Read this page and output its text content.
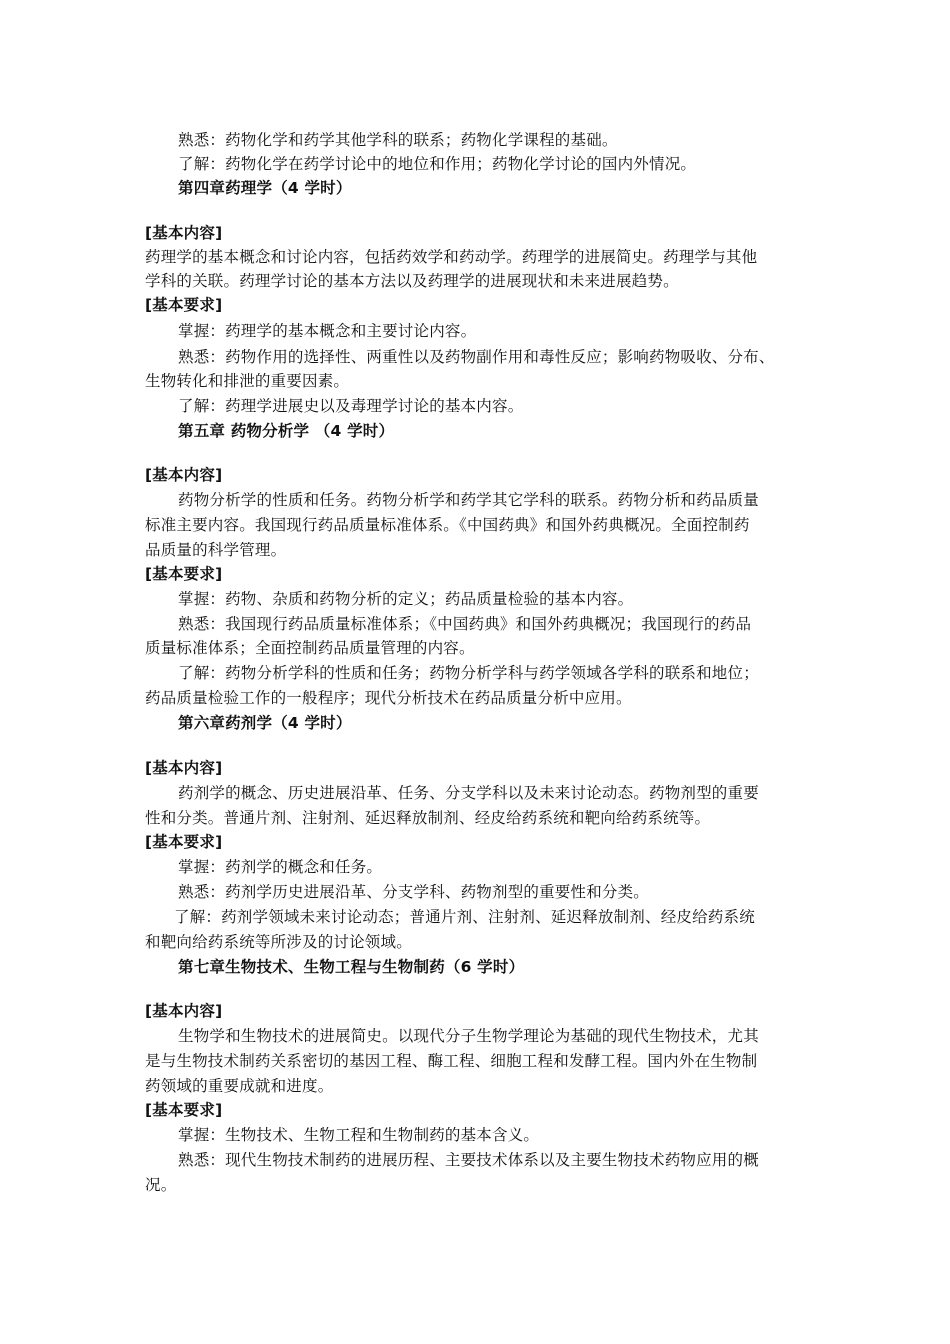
熟悉：药物化学和药学其他学科的联系；药物化学课程的基础。
了解：药物化学在药学讨论中的地位和作用；药物化学讨论的国内外情况。
第四章药理学（4 学时）
[基本内容]
药理学的基本概念和讨论内容，包括药效学和药动学。药理学的进展简史。药理学与其他
学科的关联。药理学讨论的基本方法以及药理学的进展现状和未来进展趋势。
[基本要求]
掌握：药理学的基本概念和主要讨论内容。
熟悉：药物作用的选择性、两重性以及药物副作用和毒性反应；影响药物吸收、分布、
生物转化和排泄的重要因素。
了解：药理学进展史以及毒理学讨论的基本内容。
第五章 药物分析学 （4 学时）
[基本内容]
药物分析学的性质和任务。药物分析学和药学其它学科的联系。药物分析和药品质量
标准主要内容。我国现行药品质量标准体系。《中国药典》和国外药典概况。全面控制药
品质量的科学管理。
[基本要求]
掌握：药物、杂质和药物分析的定义；药品质量检验的基本内容。
熟悉：我国现行药品质量标准体系；《中国药典》和国外药典概况；我国现行的药品
质量标准体系；全面控制药品质量管理的内容。
了解：药物分析学科的性质和任务；药物分析学科与药学领域各学科的联系和地位；
药品质量检验工作的一般程序；现代分析技术在药品质量分析中应用。
第六章药剂学（4 学时）
[基本内容]
药剂学的概念、历史进展沿革、任务、分支学科以及未来讨论动态。药物剂型的重要
性和分类。普通片剂、注射剂、延迟释放制剂、经皮给药系统和靶向给药系统等。
[基本要求]
掌握：药剂学的概念和任务。
熟悉：药剂学历史进展沿革、分支学科、药物剂型的重要性和分类。
了解：药剂学领域未来讨论动态；普通片剂、注射剂、延迟释放制剂、经皮给药系统
和靶向给药系统等所涉及的讨论领域。
第七章生物技术、生物工程与生物制药（6 学时）
[基本内容]
生物学和生物技术的进展简史。以现代分子生物学理论为基础的现代生物技术，尤其
是与生物技术制药关系密切的基因工程、酶工程、细胞工程和发酵工程。国内外在生物制
药领域的重要成就和进度。
[基本要求]
掌握：生物技术、生物工程和生物制药的基本含义。
熟悉：现代生物技术制药的进展历程、主要技术体系以及主要生物技术药物应用的概
况。
